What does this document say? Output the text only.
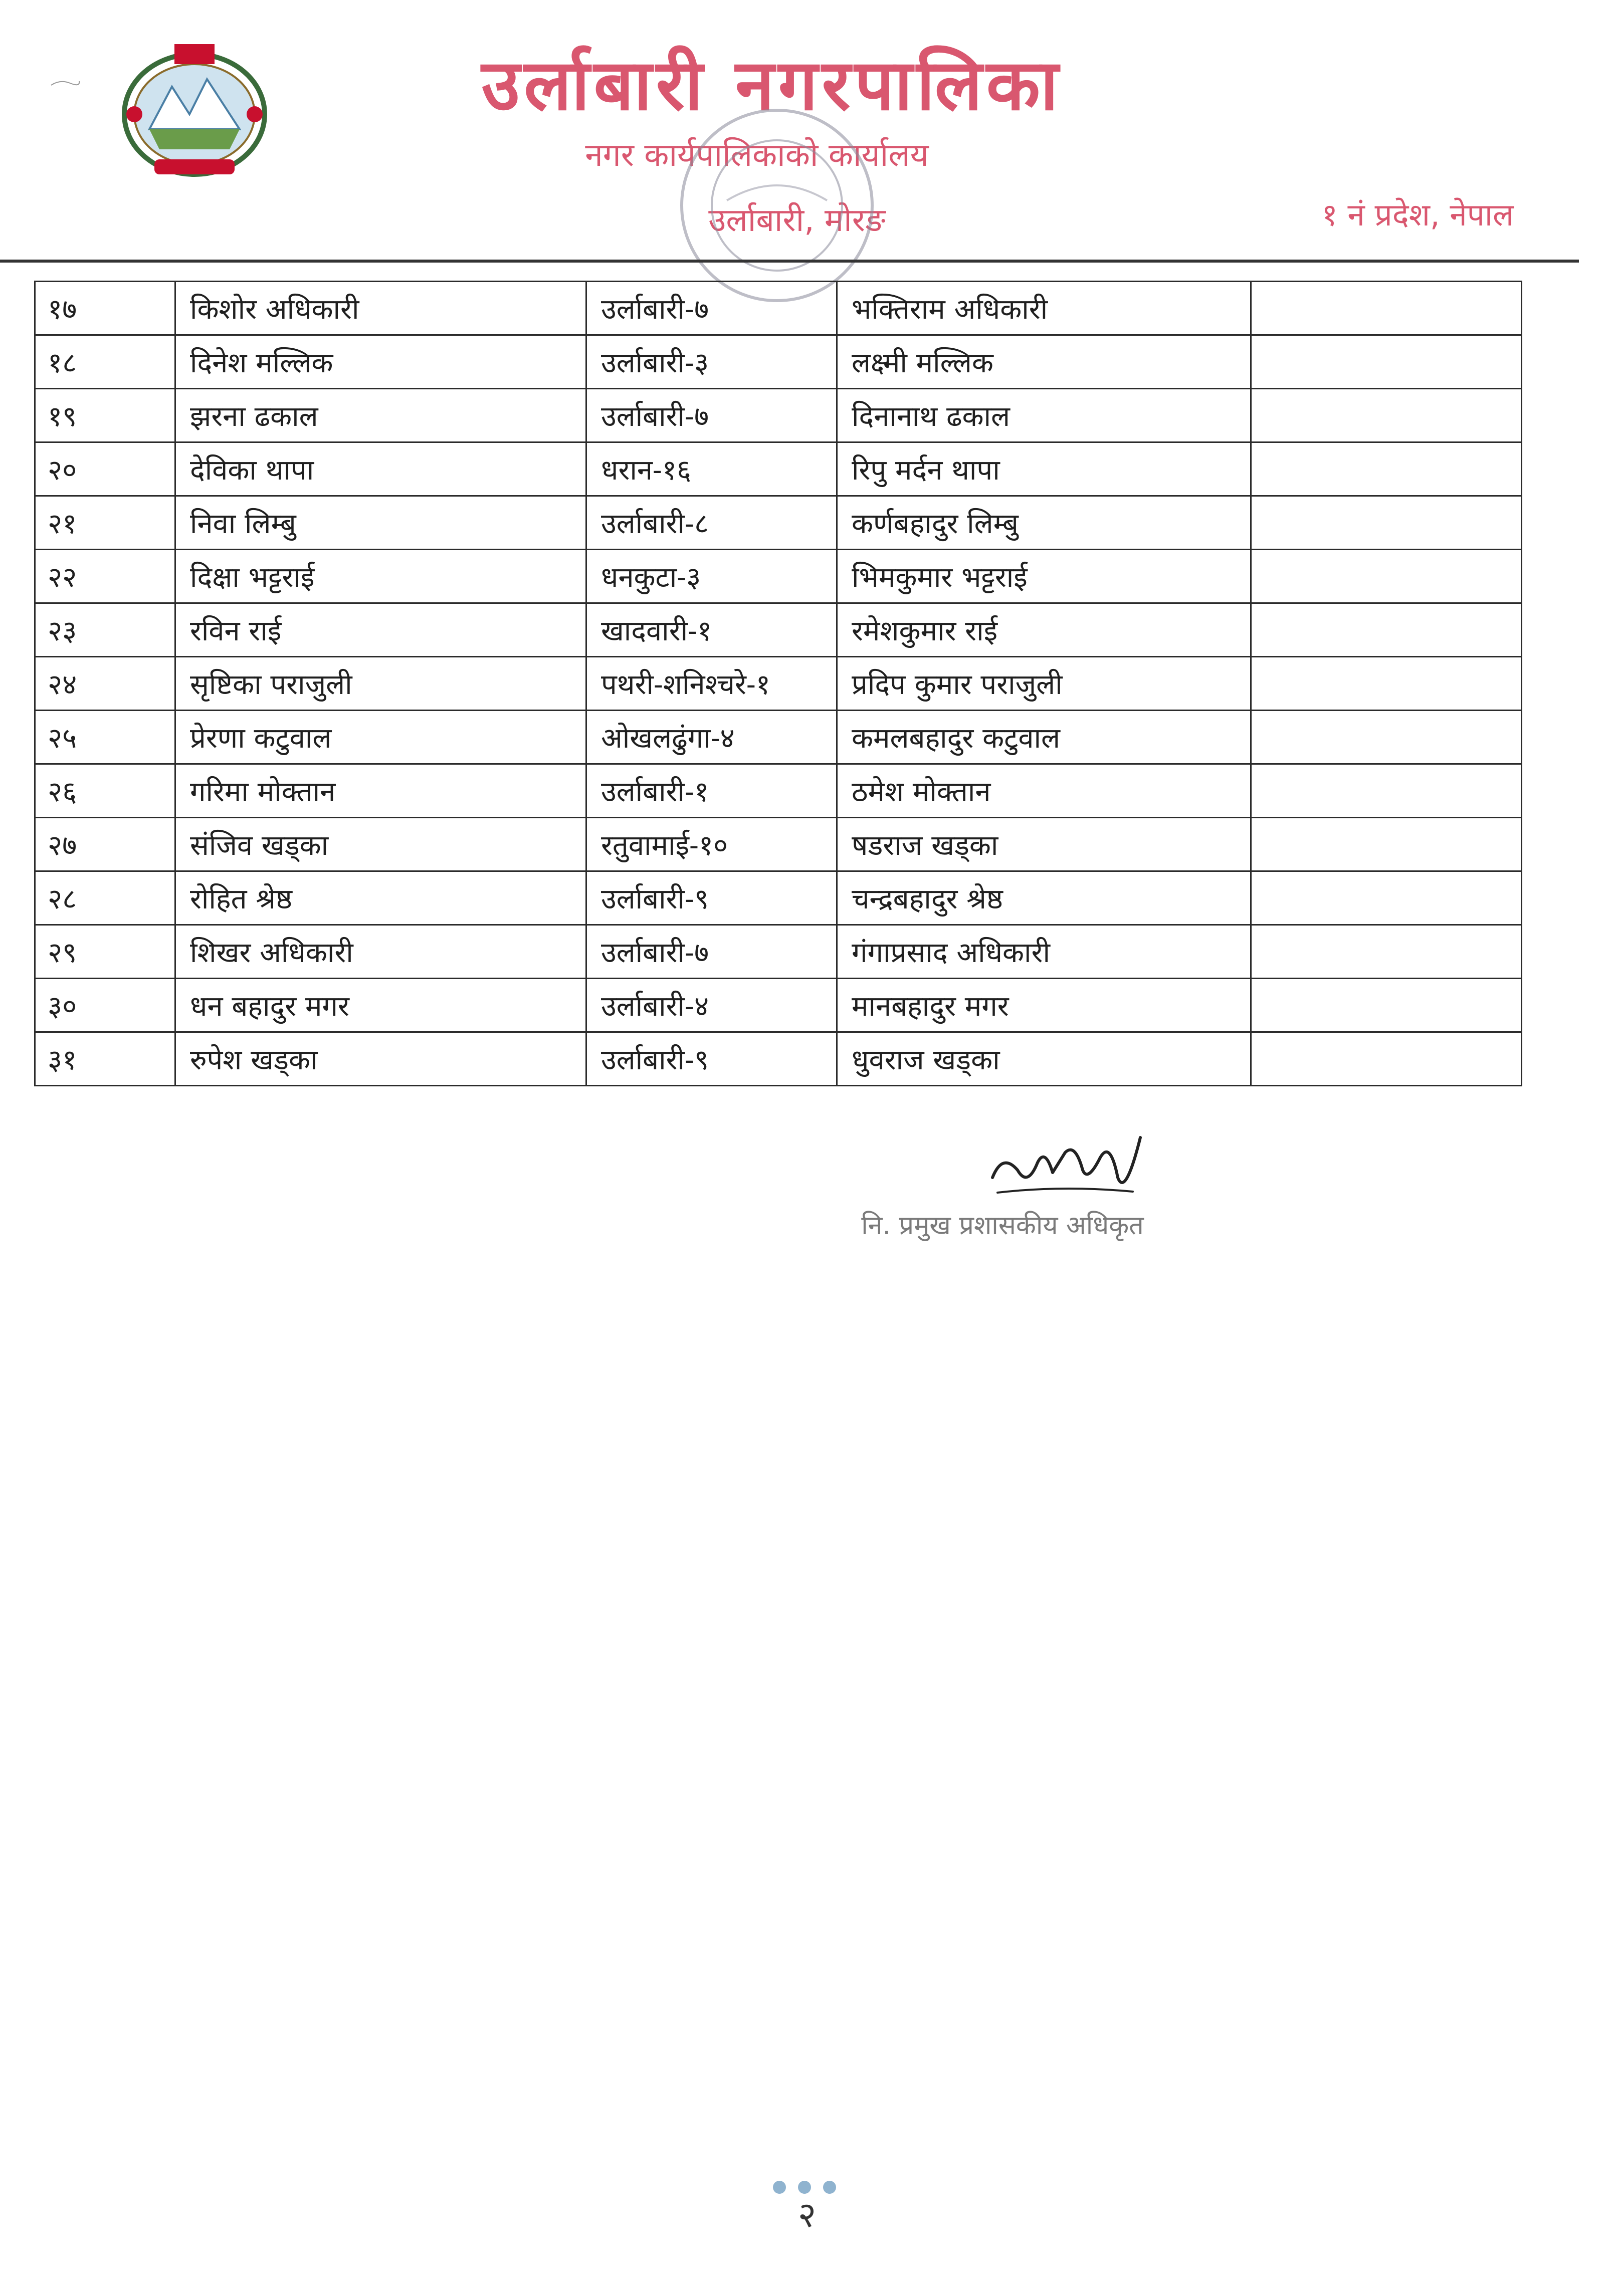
उर्लाबारी नगरपालिका
नगर कार्यपालिकाको कार्यालय
उर्लाबारी, मोरङ	१ नं प्रदेश, नेपाल
१७	किशोर अधिकारी	उर्लाबारी-७	भक्तिराम अधिकारी	
१८	दिनेश मल्लिक	उर्लाबारी-३	लक्ष्मी मल्लिक	
१९	झरना ढकाल	उर्लाबारी-७	दिनानाथ ढकाल	
२०	देविका थापा	धरान-१६	रिपु मर्दन थापा	
२१	निवा लिम्बु	उर्लाबारी-८	कर्णबहादुर लिम्बु	
२२	दिक्षा भट्टराई	धनकुटा-३	भिमकुमार भट्टराई	
२३	रविन राई	खादवारी-१	रमेशकुमार राई	
२४	सृष्टिका पराजुली	पथरी-शनिश्चरे-१	प्रदिप कुमार पराजुली	
२५	प्रेरणा कटुवाल	ओखलढुंगा-४	कमलबहादुर कटुवाल	
२६	गरिमा मोक्तान	उर्लाबारी-१	ठमेश मोक्तान	
२७	संजिव खड्का	रतुवामाई-१०	षडराज खड्का	
२८	रोहित श्रेष्ठ	उर्लाबारी-९	चन्द्रबहादुर श्रेष्ठ	
२९	शिखर अधिकारी	उर्लाबारी-७	गंगाप्रसाद अधिकारी	
३०	धन बहादुर मगर	उर्लाबारी-४	मानबहादुर मगर	
३१	रुपेश खड्का	उर्लाबारी-९	धुवराज खड्का	
नि. प्रमुख प्रशासकीय अधिकृत
२
